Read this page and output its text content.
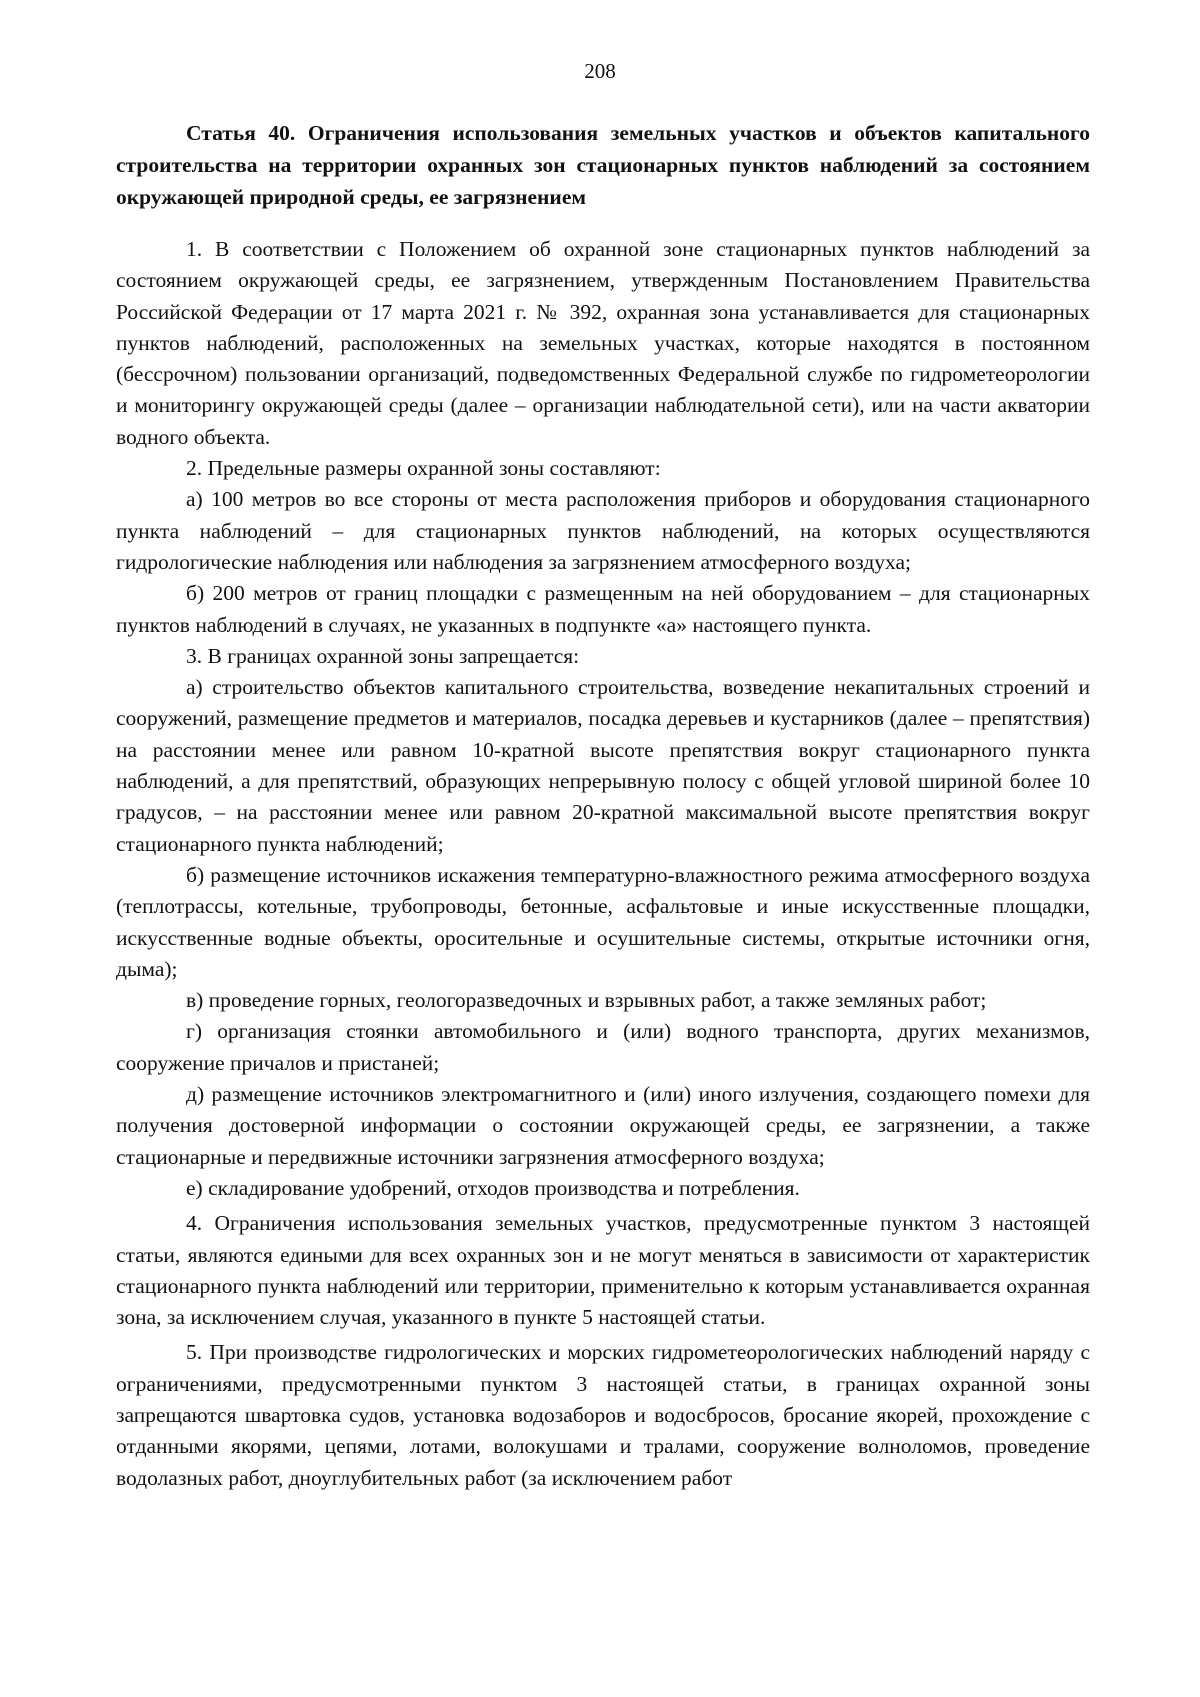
208
Статья 40. Ограничения использования земельных участков и объектов капитального строительства на территории охранных зон стационарных пунктов наблюдений за состоянием окружающей природной среды, ее загрязнением

1. В соответствии с Положением об охранной зоне стационарных пунктов наблюдений за состоянием окружающей среды, ее загрязнением, утвержденным Постановлением Правительства Российской Федерации от 17 марта 2021 г. № 392, охранная зона устанавливается для стационарных пунктов наблюдений, расположенных на земельных участках, которые находятся в постоянном (бессрочном) пользовании организаций, подведомственных Федеральной службе по гидрометеорологии и мониторингу окружающей среды (далее – организации наблюдательной сети), или на части акватории водного объекта.

2. Предельные размеры охранной зоны составляют:

а) 100 метров во все стороны от места расположения приборов и оборудования стационарного пункта наблюдений – для стационарных пунктов наблюдений, на которых осуществляются гидрологические наблюдения или наблюдения за загрязнением атмосферного воздуха;

б) 200 метров от границ площадки с размещенным на ней оборудованием – для стационарных пунктов наблюдений в случаях, не указанных в подпункте «а» настоящего пункта.

3. В границах охранной зоны запрещается:

а) строительство объектов капитального строительства, возведение некапитальных строений и сооружений, размещение предметов и материалов, посадка деревьев и кустарников (далее – препятствия) на расстоянии менее или равном 10-кратной высоте препятствия вокруг стационарного пункта наблюдений, а для препятствий, образующих непрерывную полосу с общей угловой шириной более 10 градусов, – на расстоянии менее или равном 20-кратной максимальной высоте препятствия вокруг стационарного пункта наблюдений;

б) размещение источников искажения температурно-влажностного режима атмосферного воздуха (теплотрассы, котельные, трубопроводы, бетонные, асфальтовые и иные искусственные площадки, искусственные водные объекты, оросительные и осушительные системы, открытые источники огня, дыма);

в) проведение горных, геологоразведочных и взрывных работ, а также земляных работ;

г) организация стоянки автомобильного и (или) водного транспорта, других механизмов, сооружение причалов и пристаней;

д) размещение источников электромагнитного и (или) иного излучения, создающего помехи для получения достоверной информации о состоянии окружающей среды, ее загрязнении, а также стационарные и передвижные источники загрязнения атмосферного воздуха;

е) складирование удобрений, отходов производства и потребления.

4. Ограничения использования земельных участков, предусмотренные пунктом 3 настоящей статьи, являются едиными для всех охранных зон и не могут меняться в зависимости от характеристик стационарного пункта наблюдений или территории, применительно к которым устанавливается охранная зона, за исключением случая, указанного в пункте 5 настоящей статьи.

5. При производстве гидрологических и морских гидрометеорологических наблюдений наряду с ограничениями, предусмотренными пунктом 3 настоящей статьи, в границах охранной зоны запрещаются швартовка судов, установка водозаборов и водосбросов, бросание якорей, прохождение с отданными якорями, цепями, лотами, волокушами и тралами, сооружение волноломов, проведение водолазных работ, дноуглубительных работ (за исключением работ
